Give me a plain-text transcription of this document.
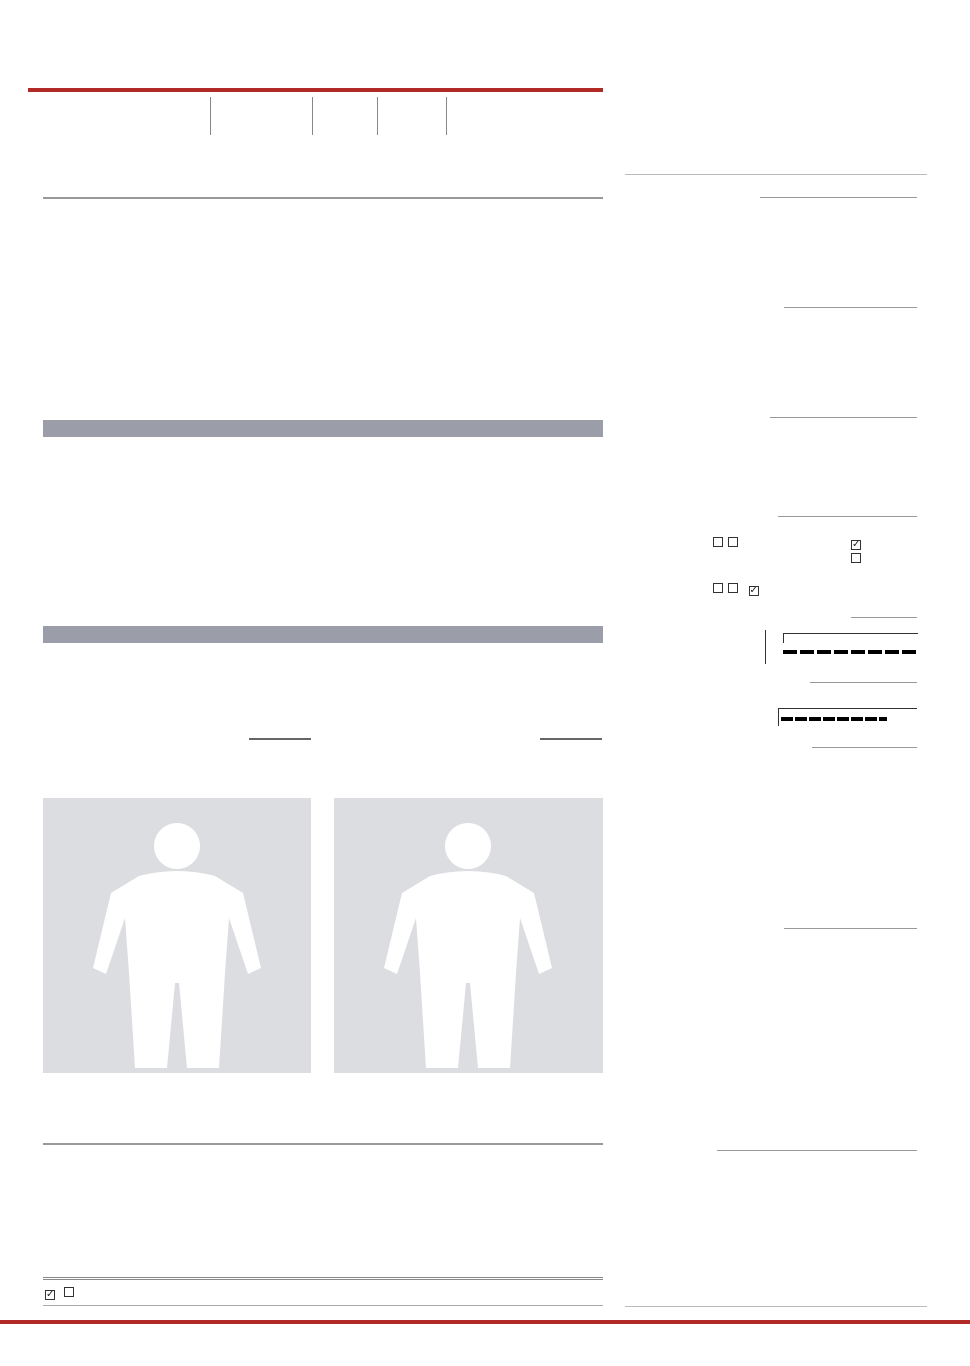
✓

✓
✓
